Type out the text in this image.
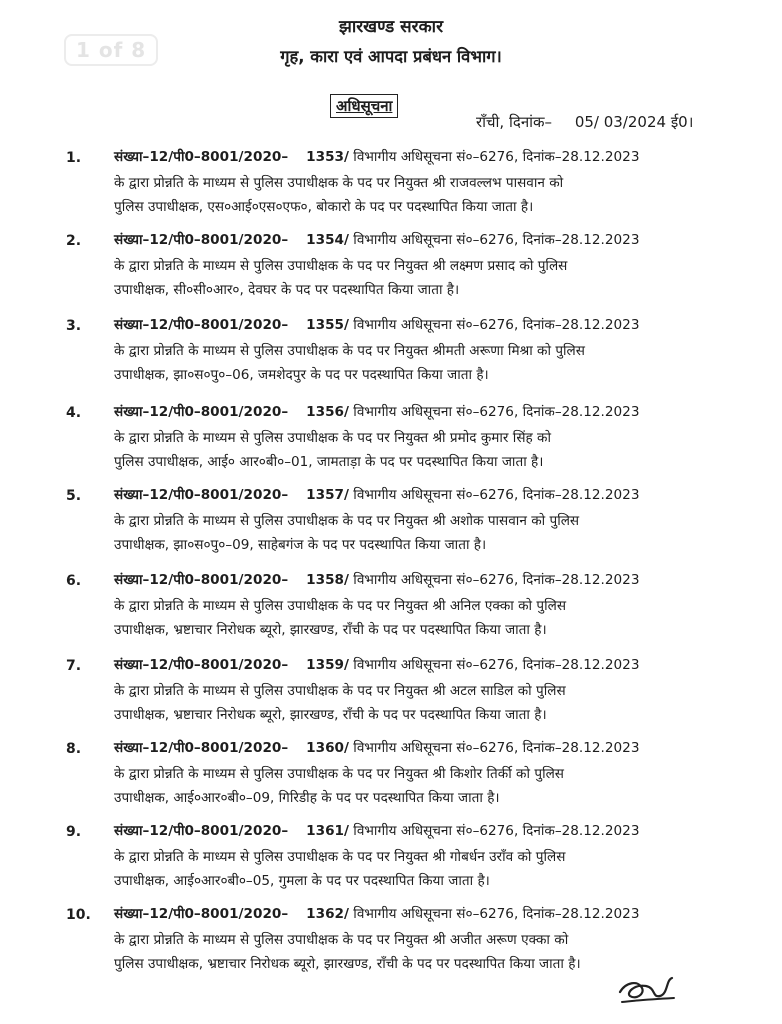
1 of 8
झारखण्ड सरकार
गृह, कारा एवं आपदा प्रबंधन विभाग।
अधिसूचना
राँची, दिनांक– 05/ 03/2024 ई0।
1. संख्या–12/पी0–8001/2020– 1353/ विभागीय अधिसूचना सं०–6276, दिनांक–28.12.2023
के द्वारा प्रोन्नति के माध्यम से पुलिस उपाधीक्षक के पद पर नियुक्त श्री राजवल्लभ पासवान को
पुलिस उपाधीक्षक, एस०आई०एस०एफ०, बोकारो के पद पर पदस्थापित किया जाता है।
2. संख्या–12/पी0–8001/2020– 1354/ विभागीय अधिसूचना सं०–6276, दिनांक–28.12.2023
के द्वारा प्रोन्नति के माध्यम से पुलिस उपाधीक्षक के पद पर नियुक्त श्री लक्ष्मण प्रसाद को पुलिस
उपाधीक्षक, सी०सी०आर०, देवघर के पद पर पदस्थापित किया जाता है।
3. संख्या–12/पी0–8001/2020– 1355/ विभागीय अधिसूचना सं०–6276, दिनांक–28.12.2023
के द्वारा प्रोन्नति के माध्यम से पुलिस उपाधीक्षक के पद पर नियुक्त श्रीमती अरूणा मिश्रा को पुलिस
उपाधीक्षक, झा०स०पु०–06, जमशेदपुर के पद पर पदस्थापित किया जाता है।
4. संख्या–12/पी0–8001/2020– 1356/ विभागीय अधिसूचना सं०–6276, दिनांक–28.12.2023
के द्वारा प्रोन्नति के माध्यम से पुलिस उपाधीक्षक के पद पर नियुक्त श्री प्रमोद कुमार सिंह को
पुलिस उपाधीक्षक, आई० आर०बी०–01, जामताड़ा के पद पर पदस्थापित किया जाता है।
5. संख्या–12/पी0–8001/2020– 1357/ विभागीय अधिसूचना सं०–6276, दिनांक–28.12.2023
के द्वारा प्रोन्नति के माध्यम से पुलिस उपाधीक्षक के पद पर नियुक्त श्री अशोक पासवान को पुलिस
उपाधीक्षक, झा०स०पु०–09, साहेबगंज के पद पर पदस्थापित किया जाता है।
6. संख्या–12/पी0–8001/2020– 1358/ विभागीय अधिसूचना सं०–6276, दिनांक–28.12.2023
के द्वारा प्रोन्नति के माध्यम से पुलिस उपाधीक्षक के पद पर नियुक्त श्री अनिल एक्का को पुलिस
उपाधीक्षक, भ्रष्टाचार निरोधक ब्यूरो, झारखण्ड, राँची के पद पर पदस्थापित किया जाता है।
7. संख्या–12/पी0–8001/2020– 1359/ विभागीय अधिसूचना सं०–6276, दिनांक–28.12.2023
के द्वारा प्रोन्नति के माध्यम से पुलिस उपाधीक्षक के पद पर नियुक्त श्री अटल साडिल को पुलिस
उपाधीक्षक, भ्रष्टाचार निरोधक ब्यूरो, झारखण्ड, राँची के पद पर पदस्थापित किया जाता है।
8. संख्या–12/पी0–8001/2020– 1360/ विभागीय अधिसूचना सं०–6276, दिनांक–28.12.2023
के द्वारा प्रोन्नति के माध्यम से पुलिस उपाधीक्षक के पद पर नियुक्त श्री किशोर तिर्की को पुलिस
उपाधीक्षक, आई०आर०बी०–09, गिरिडीह के पद पर पदस्थापित किया जाता है।
9. संख्या–12/पी0–8001/2020– 1361/ विभागीय अधिसूचना सं०–6276, दिनांक–28.12.2023
के द्वारा प्रोन्नति के माध्यम से पुलिस उपाधीक्षक के पद पर नियुक्त श्री गोबर्धन उराँव को पुलिस
उपाधीक्षक, आई०आर०बी०–05, गुमला के पद पर पदस्थापित किया जाता है।
10. संख्या–12/पी0–8001/2020– 1362/ विभागीय अधिसूचना सं०–6276, दिनांक–28.12.2023
के द्वारा प्रोन्नति के माध्यम से पुलिस उपाधीक्षक के पद पर नियुक्त श्री अजीत अरूण एक्का को
पुलिस उपाधीक्षक, भ्रष्टाचार निरोधक ब्यूरो, झारखण्ड, राँची के पद पर पदस्थापित किया जाता है।
